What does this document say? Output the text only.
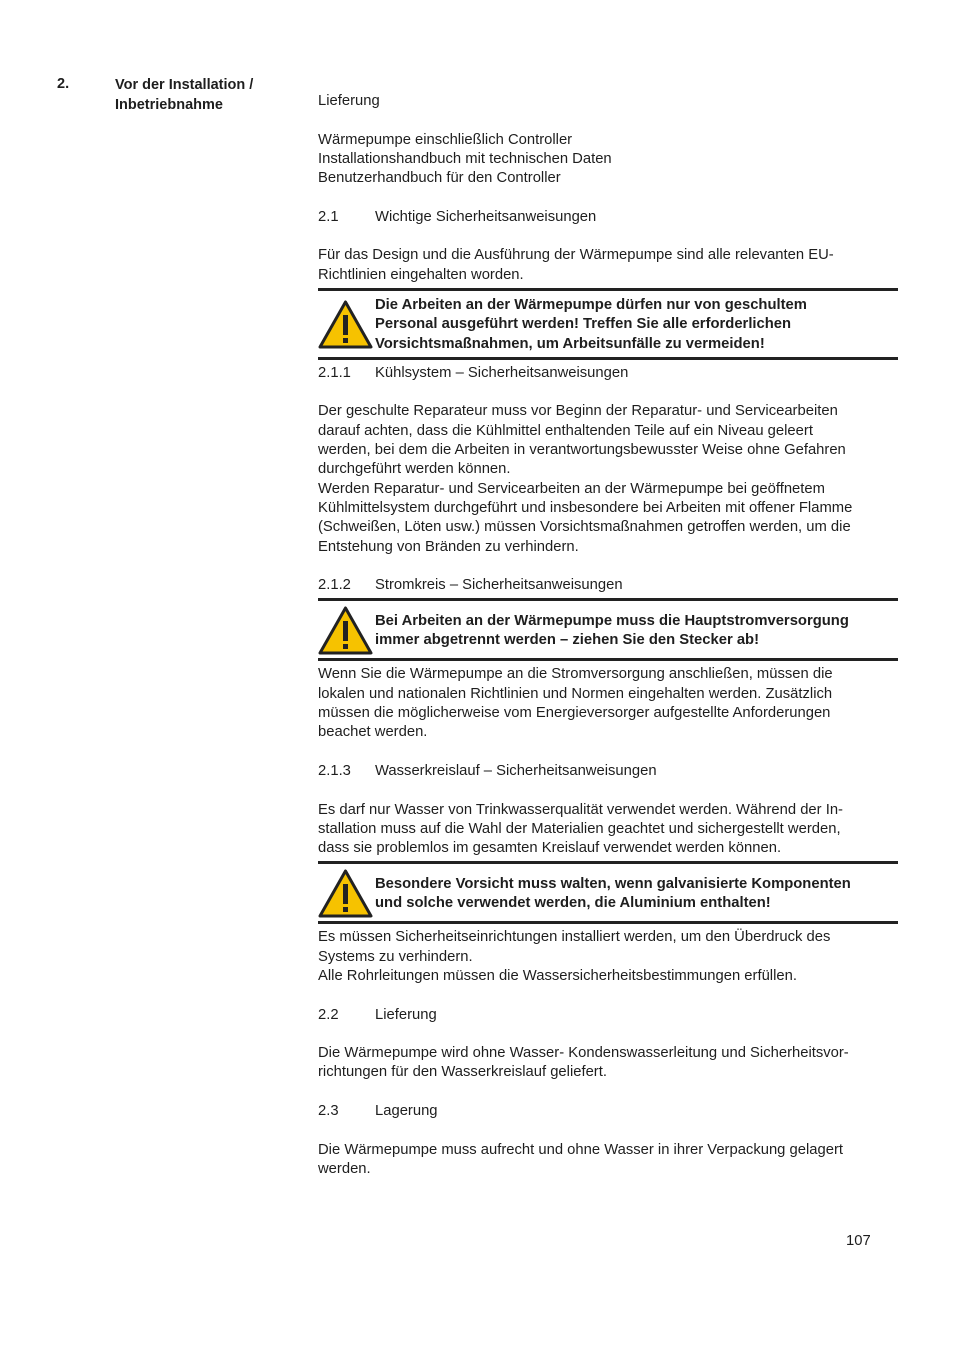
2.	Vor der Installation /
Inbetriebnahme	Lieferung

Wärmepumpe einschließlich Controller

Installationshandbuch mit technischen Daten

Benutzerhandbuch für den Controller

2.1	Wichtige Sicherheitsanweisungen

Für das Design und die Ausführung der Wärmepumpe sind alle relevanten EU-

Richtlinien eingehalten worden.

Die Arbeiten an der Wärmepumpe dürfen nur von geschultem
Personal ausgeführt werden! Treffen Sie alle erforderlichen
Vorsichtsmaßnahmen, um Arbeitsunfälle zu vermeiden!
2.1.1	Kühlsystem – Sicherheitsanweisungen

Der geschulte Reparateur muss vor Beginn der Reparatur- und Servicearbeiten

darauf achten, dass die Kühlmittel enthaltenden Teile auf ein Niveau geleert

werden, bei dem die Arbeiten in verantwortungsbewusster Weise ohne Gefahren

durchgeführt werden können.

Werden Reparatur- und Servicearbeiten an der Wärmepumpe bei geöffnetem

Kühlmittelsystem durchgeführt und insbesondere bei Arbeiten mit offener Flamme

(Schweißen, Löten usw.) müssen Vorsichtsmaßnahmen getroffen werden, um die

Entstehung von Bränden zu verhindern.

2.1.2	Stromkreis – Sicherheitsanweisungen
Bei Arbeiten an der Wärmepumpe muss die Hauptstromversorgung
immer abgetrennt werden – ziehen Sie den Stecker ab!

Wenn Sie die Wärmepumpe an die Stromversorgung anschließen, müssen die

lokalen und nationalen Richtlinien und Normen eingehalten werden. Zusätzlich

müssen die möglicherweise vom Energieversorger aufgestellte Anforderungen

beachet werden.

2.1.3	Wasserkreislauf – Sicherheitsanweisungen

Es darf nur Wasser von Trinkwasserqualität verwendet werden. Während der In-

stallation muss auf die Wahl der Materialien geachtet und sichergestellt werden,

dass sie problemlos im gesamten Kreislauf verwendet werden können.

Besondere Vorsicht muss walten, wenn galvanisierte Komponenten
und solche verwendet werden, die Aluminium enthalten!

Es müssen Sicherheitseinrichtungen installiert werden, um den Überdruck des

Systems zu verhindern.

Alle Rohrleitungen müssen die Wassersicherheitsbestimmungen erfüllen.

2.2	Lieferung

Die Wärmepumpe wird ohne Wasser- Kondenswasserleitung und Sicherheitsvor-

richtungen für den Wasserkreislauf geliefert.

2.3	Lagerung

Die Wärmepumpe muss aufrecht und ohne Wasser in ihrer Verpackung gelagert

werden.

107
